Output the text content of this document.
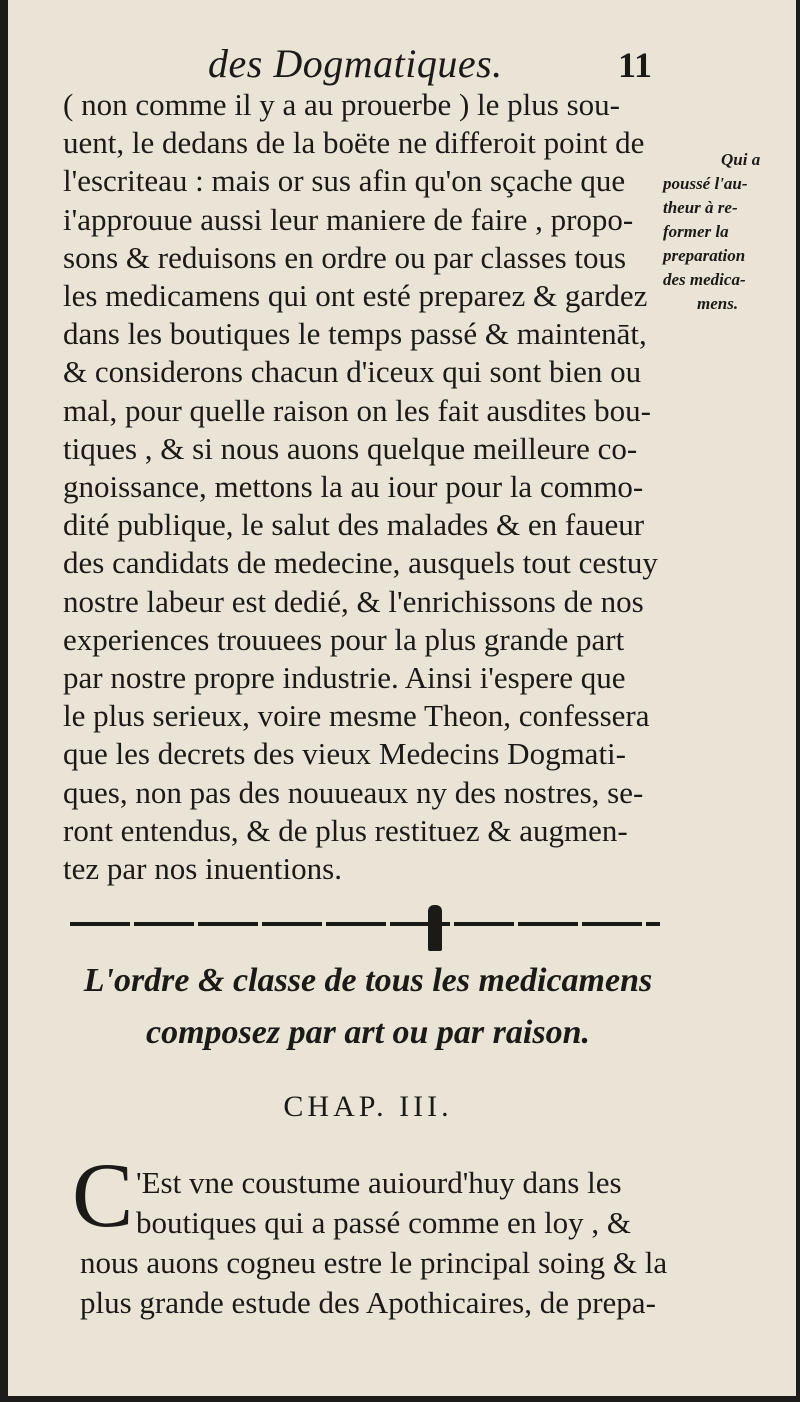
des Dogmatiques.	11

( non comme il y a au prouerbe ) le plus sou-
uent, le dedans de la boëte ne differoit point de
l'escriteau : mais or sus afin qu'on sçache que
i'approuue aussi leur maniere de faire , propo-
sons & reduisons en ordre ou par classes tous
les medicamens qui ont esté preparez & gardez
dans les boutiques le temps passé & maintenāt,
& considerons chacun d'iceux qui sont bien ou
mal, pour quelle raison on les fait ausdites bou-
tiques , & si nous auons quelque meilleure co-
gnoissance, mettons la au iour pour la commo-
dité publique, le salut des malades & en faueur
des candidats de medecine, ausquels tout cestuy
nostre labeur est dedié, & l'enrichissons de nos
experiences trouuees pour la plus grande part
par nostre propre industrie. Ainsi i'espere que
le plus serieux, voire mesme Theon, confessera
que les decrets des vieux Medecins Dogmati-
ques, non pas des nouueaux ny des nostres, se-
ront entendus, & de plus restituez & augmen-
tez par nos inuentions.

Qui a
poussé l'au-
theur à re-
former la
preparation
des medica-
mens.
L'ordre & classe de tous les medicamens
composez par art ou par raison.
CHAP. III.
C 'Est vne coustume auiourd'huy dans les
boutiques qui a passé comme en loy , &
nous auons cogneu estre le principal soing & la
plus grande estude des Apothicaires, de prepa-
